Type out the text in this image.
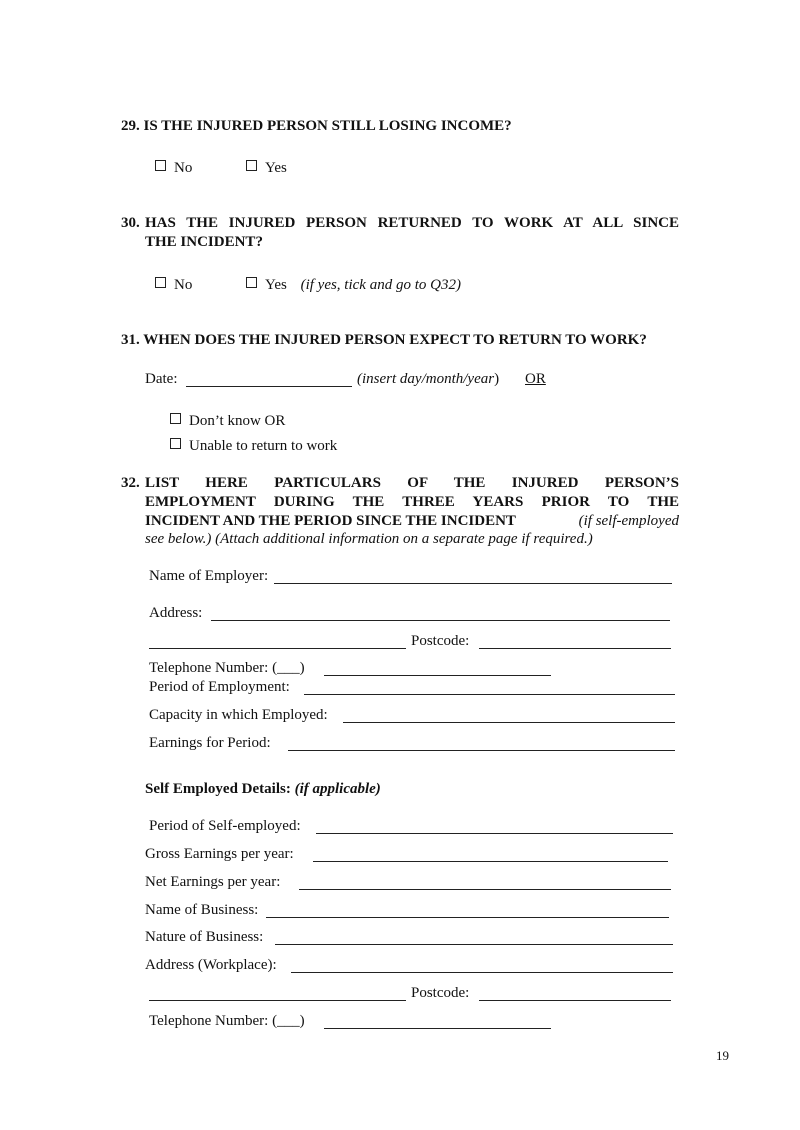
29. IS THE INJURED PERSON STILL LOSING INCOME?
No	Yes
30. HAS THE INJURED PERSON RETURNED TO WORK AT ALL SINCE
THE INCIDENT?
No	Yes (if yes, tick and go to Q32)
31. WHEN DOES THE INJURED PERSON EXPECT TO RETURN TO WORK?
Date:	(insert day/month/year) OR
Don’t know OR
Unable to return to work
32. LIST HERE PARTICULARS OF THE INJURED PERSON’S
EMPLOYMENT DURING THE THREE YEARS PRIOR TO THE
INCIDENT AND THE PERIOD SINCE THE INCIDENT	(if self-employed
see below.) (Attach additional information on a separate page if required.)
Name of Employer:
Address:
Postcode:
Telephone Number: (___)
Period of Employment:
Capacity in which Employed:
Earnings for Period:
Self Employed Details: (if applicable)
Period of Self-employed:
Gross Earnings per year:
Net Earnings per year:
Name of Business:
Nature of Business:
Address (Workplace):
Postcode:
Telephone Number: (___)
19
